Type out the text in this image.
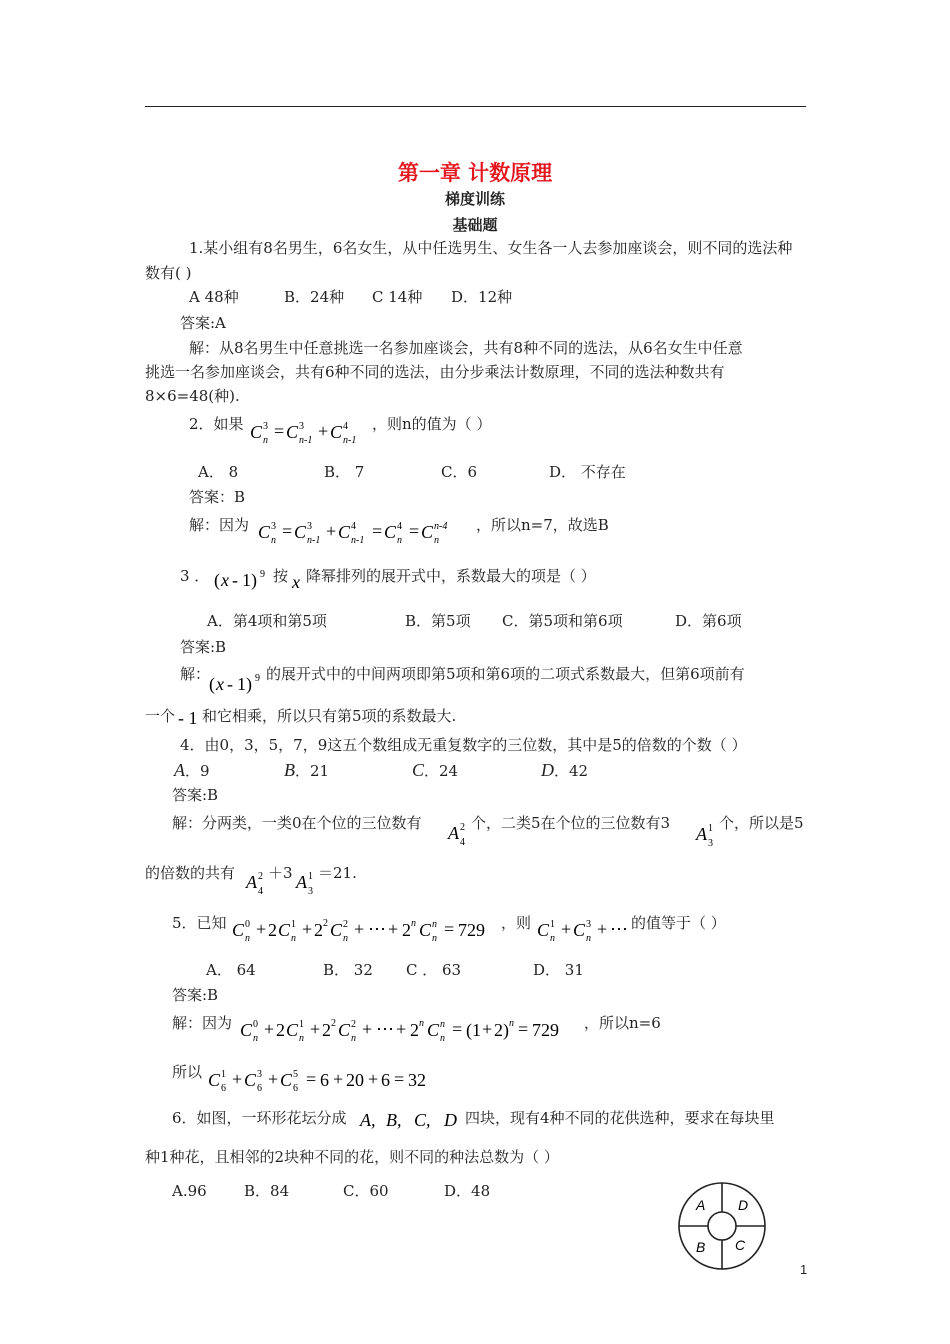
第一章 计数原理
梯度训练
基础题
1.某小组有8名男生，6名女生，从中任选男生、女生各一人去参加座谈会，则不同的选法种
数有( )
A 48种	B．24种 C 14种 D．12种
答案:A
解：从8名男生中任意挑选一名参加座谈会，共有8种不同的选法，从6名女生中任意
挑选一名参加座谈会，共有6种不同的选法，由分步乘法计数原理，不同的选法种数共有
8×6=48(种).
2．如果 C 3
n = C 3
n-1 + C 4
n-1
，则n的值为（ ）
A． 8	B． 7	C．6	D． 不存在
答案：B
解：因为 C 3
n = C 3
n-1 + C 4
n-1 = C 4
n = C n-4
n
，所以n=7，故选B
3 ． ( x - 1) 9 按 x 降幂排列的展开式中，系数最大的项是（ ）
A．第4项和第5项	B．第5项 C．第5项和第6项	D．第6项
答案:B
解：
( x - 1) 9 的展开式中的中间两项即第5项和第6项的二项式系数最大，但第6项前有
一个 - 1 和它相乘，所以只有第5项的系数最大.
4．由0，3，5，7，9这五个数组成无重复数字的三位数，其中是5的倍数的个数（ ）
A．9	B．21	C．24	D．42
答案:B
解：分两类，一类0在个位的三位数有 A 2
4
个，二类5在个位的三位数有3
A 1
3
个，所以是5
的倍数的共有 A 2
4
＋3 A 1
3
＝21.
5．已知 C 0
n + 2 C 1
n + 2 2 C 2
n + ⋯ + 2 n C n
n = 729 ，则 C 1
n + C 3
n + ⋯ 的值等于（ ）
A． 64	B． 32 C ． 63	D． 31
答案:B
解：因为 C 0
n + 2 C 1
n + 2 2 C 2
n + ⋯ + 2 n C n
n = (1 + 2) n = 729 ，所以n=6
所以 C 1
6 + C 3
6 + C 5
6 = 6 + 20 + 6 = 32
6．如图，一环形花坛分成 A, B, C, D 四块，现有4种不同的花供选种，要求在每块里
种1种花，且相邻的2块种不同的花，则不同的种法总数为（ ）
A.96 B．84	C．60	D．48
A D
B C
1
